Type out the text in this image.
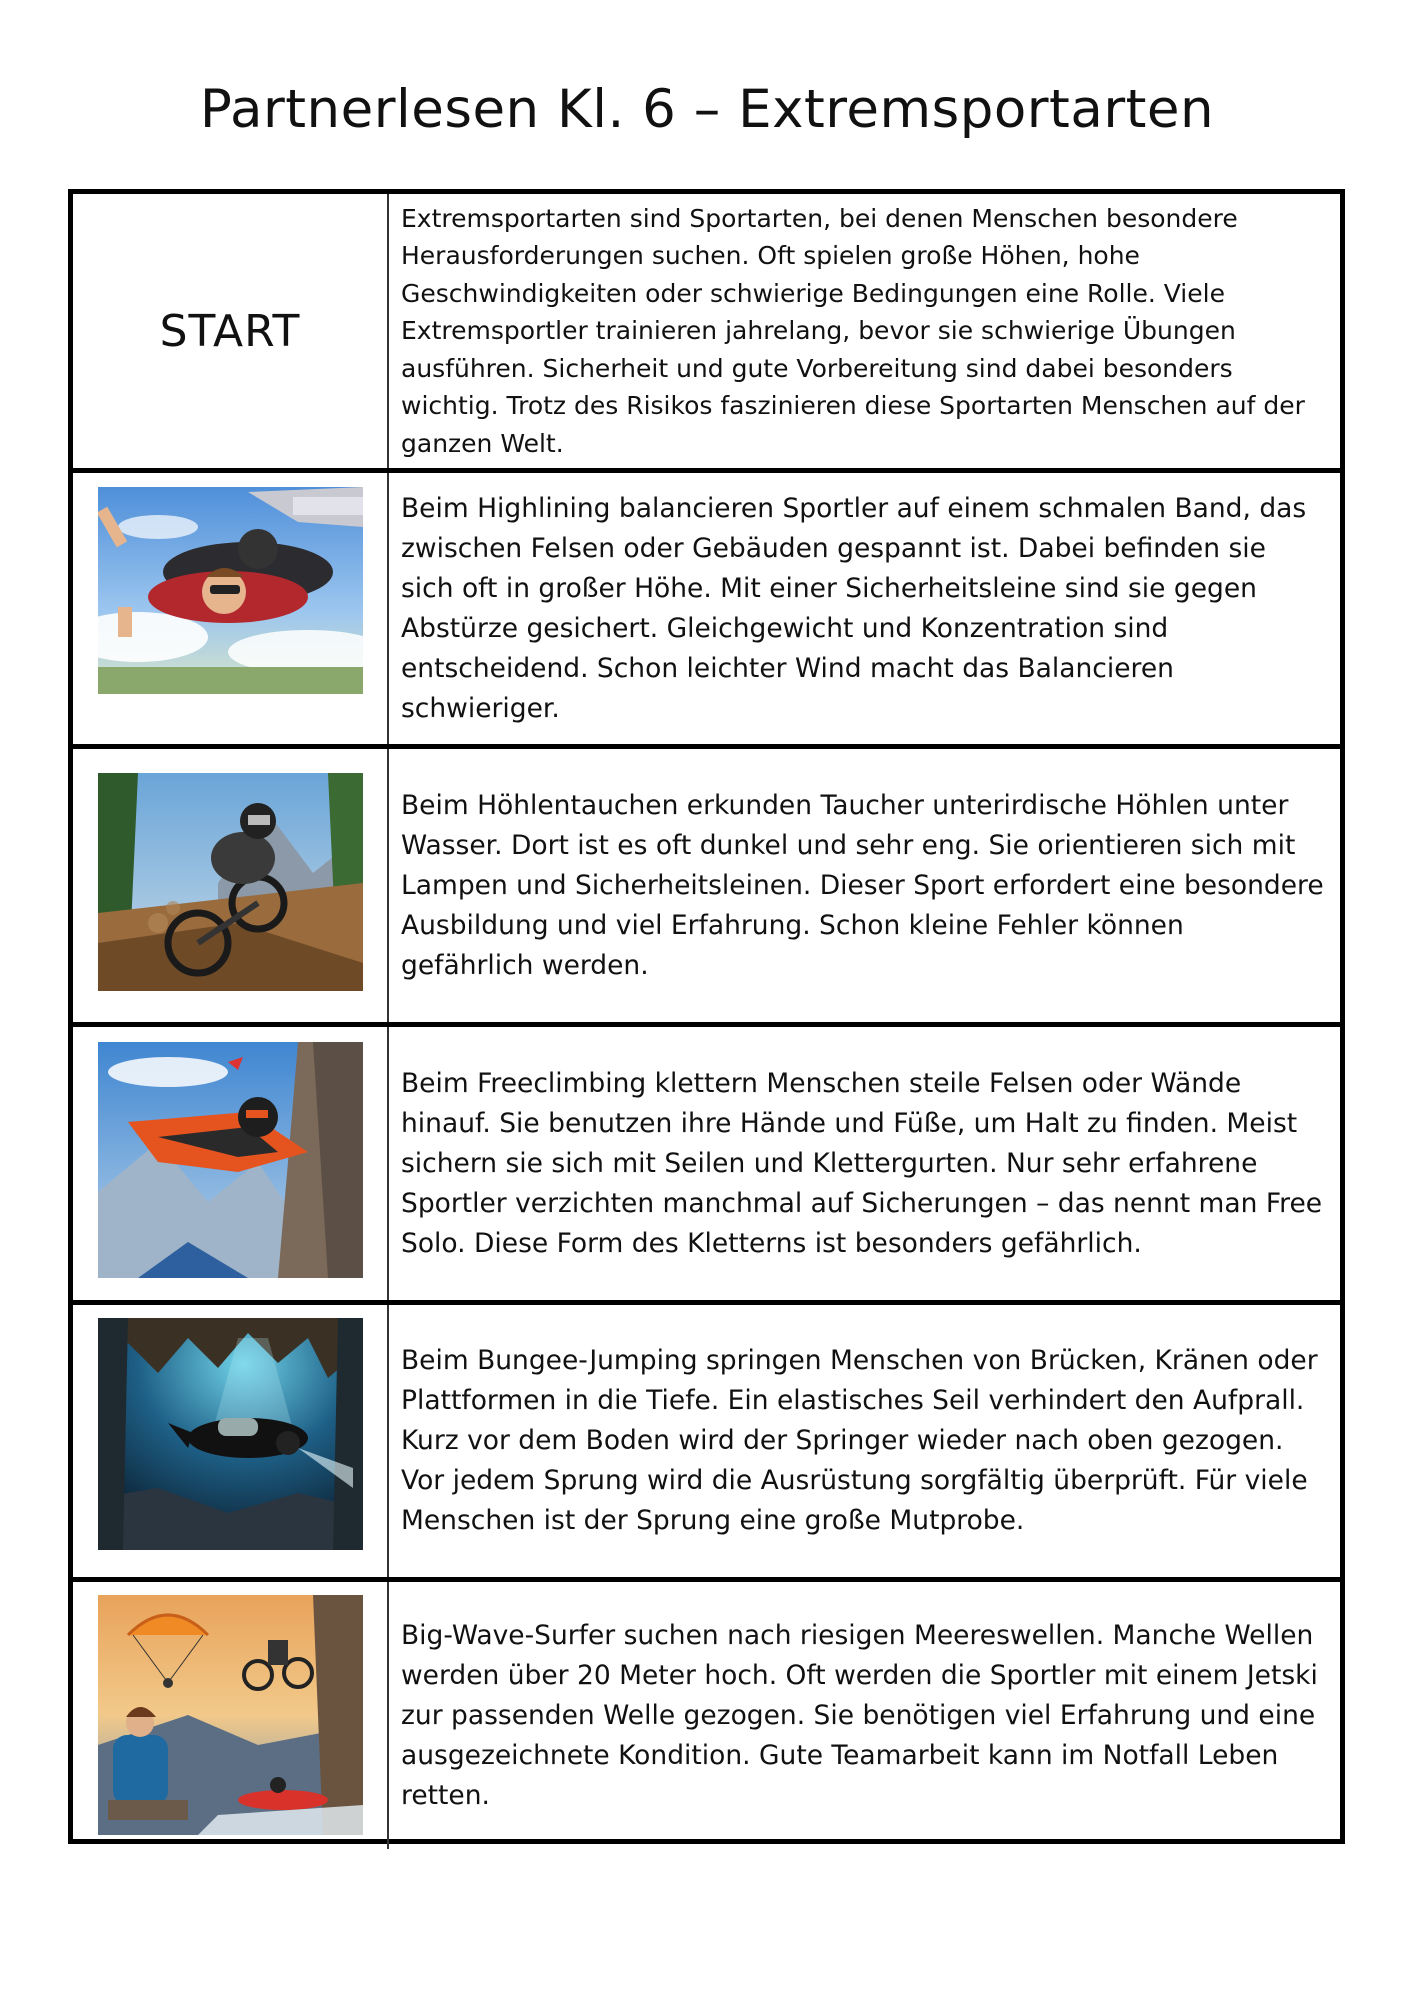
Partnerlesen Kl. 6 – Extremsportarten
START
Extremsportarten sind Sportarten, bei denen Menschen besondere Herausforderungen suchen. Oft spielen große Höhen, hohe Geschwindigkeiten oder schwierige Bedingungen eine Rolle. Viele Extremsportler trainieren jahrelang, bevor sie schwierige Übungen ausführen. Sicherheit und gute Vorbereitung sind dabei besonders wichtig. Trotz des Risikos faszinieren diese Sportarten Menschen auf der ganzen Welt.
Beim Highlining balancieren Sportler auf einem schmalen Band, das zwischen Felsen oder Gebäuden gespannt ist. Dabei befinden sie sich oft in großer Höhe. Mit einer Sicherheitsleine sind sie gegen Abstürze gesichert. Gleichgewicht und Konzentration sind entscheidend. Schon leichter Wind macht das Balancieren schwieriger.
Beim Höhlentauchen erkunden Taucher unterirdische Höhlen unter Wasser. Dort ist es oft dunkel und sehr eng. Sie orientieren sich mit Lampen und Sicherheitsleinen. Dieser Sport erfordert eine besondere Ausbildung und viel Erfahrung. Schon kleine Fehler können gefährlich werden.
Beim Freeclimbing klettern Menschen steile Felsen oder Wände hinauf. Sie benutzen ihre Hände und Füße, um Halt zu finden. Meist sichern sie sich mit Seilen und Klettergurten. Nur sehr erfahrene Sportler verzichten manchmal auf Sicherungen – das nennt man Free Solo. Diese Form des Kletterns ist besonders gefährlich.
Beim Bungee-Jumping springen Menschen von Brücken, Kränen oder Plattformen in die Tiefe. Ein elastisches Seil verhindert den Aufprall. Kurz vor dem Boden wird der Springer wieder nach oben gezogen. Vor jedem Sprung wird die Ausrüstung sorgfältig überprüft. Für viele Menschen ist der Sprung eine große Mutprobe.
Big-Wave-Surfer suchen nach riesigen Meereswellen. Manche Wellen werden über 20 Meter hoch. Oft werden die Sportler mit einem Jetski zur passenden Welle gezogen. Sie benötigen viel Erfahrung und eine ausgezeichnete Kondition. Gute Teamarbeit kann im Notfall Leben retten.
